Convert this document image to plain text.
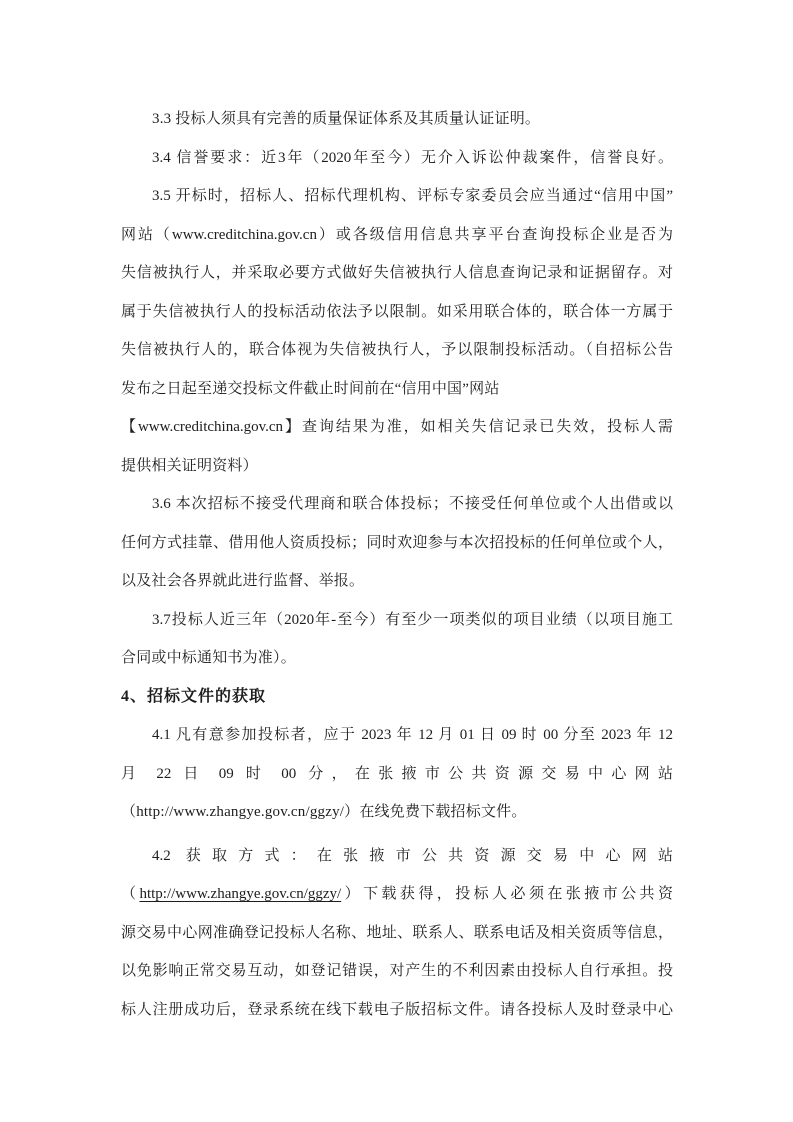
3.3 投标人须具有完善的质量保证体系及其质量认证证明。
3.4 信誉要求：近3年（2020年至今）无介入诉讼仲裁案件，信誉良好。
3.5 开标时，招标人、招标代理机构、评标专家委员会应当通过“信用中国”
网站（www.creditchina.gov.cn）或各级信用信息共享平台查询投标企业是否为
失信被执行人，并采取必要方式做好失信被执行人信息查询记录和证据留存。对
属于失信被执行人的投标活动依法予以限制。如采用联合体的，联合体一方属于
失信被执行人的，联合体视为失信被执行人，予以限制投标活动。（自招标公告
发布之日起至递交投标文件截止时间前在“信用中国”网站
【www.creditchina.gov.cn】查询结果为准，如相关失信记录已失效，投标人需
提供相关证明资料）
3.6 本次招标不接受代理商和联合体投标；不接受任何单位或个人出借或以
任何方式挂靠、借用他人资质投标；同时欢迎参与本次招投标的任何单位或个人，
以及社会各界就此进行监督、举报。
3.7投标人近三年（2020年-至今）有至少一项类似的项目业绩（以项目施工
合同或中标通知书为准）。
4、招标文件的获取
4.1 凡有意参加投标者，应于 2023 年 12 月 01 日 09 时 00 分至 2023 年 12
月 22 日 09 时 00 分，在张掖市公共资源交易中心网站
（http://www.zhangye.gov.cn/ggzy/）在线免费下载招标文件。
4.2 获取方式：在张掖市公共资源交易中心网站
（http://www.zhangye.gov.cn/ggzy/）下载获得，投标人必须在张掖市公共资
源交易中心网准确登记投标人名称、地址、联系人、联系电话及相关资质等信息，
以免影响正常交易互动，如登记错误，对产生的不利因素由投标人自行承担。投
标人注册成功后，登录系统在线下载电子版招标文件。请各投标人及时登录中心
